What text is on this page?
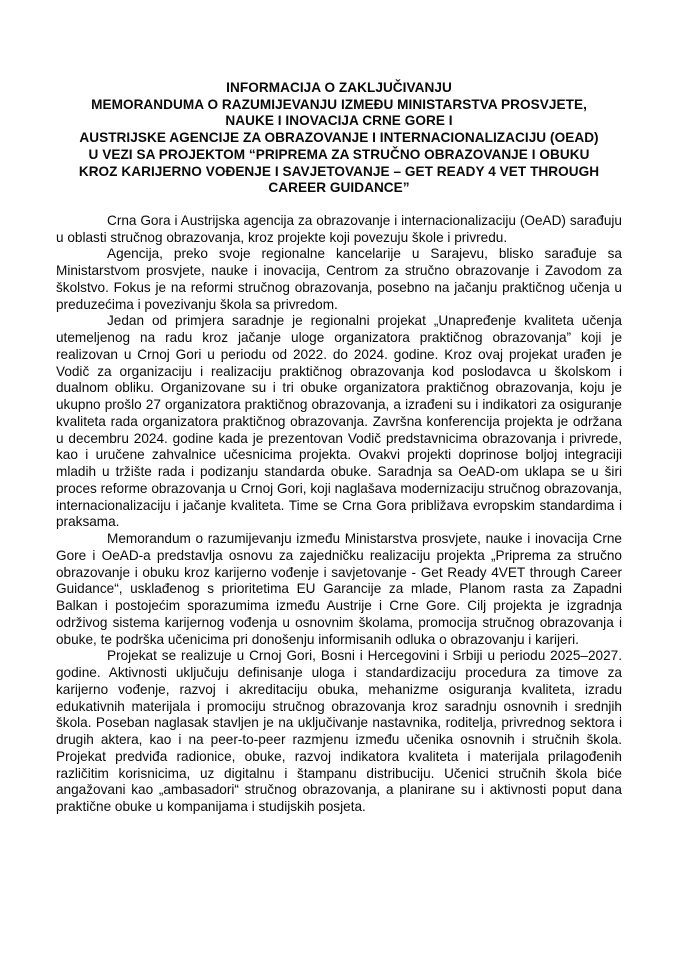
INFORMACIJA O ZAKLJUČIVANJU
MEMORANDUMA O RAZUMIJEVANJU IZMEĐU MINISTARSTVA PROSVJETE,
NAUKE I INOVACIJA CRNE GORE I
AUSTRIJSKE AGENCIJE ZA OBRAZOVANJE I INTERNACIONALIZACIJU (OEAD)
U VEZI SA PROJEKTOM “PRIPREMA ZA STRUČNO OBRAZOVANJE I OBUKU
KROZ KARIJERNO VOĐENJE I SAVJETOVANJE – GET READY 4 VET THROUGH
CAREER GUIDANCE”

Crna Gora i Austrijska agencija za obrazovanje i internacionalizaciju (OeAD) sarađuju u oblasti stručnog obrazovanja, kroz projekte koji povezuju škole i privredu.

Agencija, preko svoje regionalne kancelarije u Sarajevu, blisko sarađuje sa Ministarstvom prosvjete, nauke i inovacija, Centrom za stručno obrazovanje i Zavodom za školstvo. Fokus je na reformi stručnog obrazovanja, posebno na jačanju praktičnog učenja u preduzećima i povezivanju škola sa privredom.

Jedan od primjera saradnje je regionalni projekat „Unapređenje kvaliteta učenja utemeljenog na radu kroz jačanje uloge organizatora praktičnog obrazovanja” koji je realizovan u Crnoj Gori u periodu od 2022. do 2024. godine. Kroz ovaj projekat urađen je Vodič za organizaciju i realizaciju praktičnog obrazovanja kod poslodavca u školskom i dualnom obliku. Organizovane su i tri obuke organizatora praktičnog obrazovanja, koju je ukupno prošlo 27 organizatora praktičnog obrazovanja, a izrađeni su i indikatori za osiguranje kvaliteta rada organizatora praktičnog obrazovanja. Završna konferencija projekta je održana u decembru 2024. godine kada je prezentovan Vodič predstavnicima obrazovanja i privrede, kao i uručene zahvalnice učesnicima projekta. Ovakvi projekti doprinose boljoj integraciji mladih u tržište rada i podizanju standarda obuke. Saradnja sa OeAD-om uklapa se u širi proces reforme obrazovanja u Crnoj Gori, koji naglašava modernizaciju stručnog obrazovanja, internacionalizaciju i jačanje kvaliteta. Time se Crna Gora približava evropskim standardima i praksama.

Memorandum o razumijevanju između Ministarstva prosvjete, nauke i inovacija Crne Gore i OeAD-a predstavlja osnovu za zajedničku realizaciju projekta „Priprema za stručno obrazovanje i obuku kroz karijerno vođenje i savjetovanje - Get Ready 4VET through Career Guidance“, usklađenog s prioritetima EU Garancije za mlade, Planom rasta za Zapadni Balkan i postojećim sporazumima između Austrije i Crne Gore. Cilj projekta je izgradnja održivog sistema karijernog vođenja u osnovnim školama, promocija stručnog obrazovanja i obuke, te podrška učenicima pri donošenju informisanih odluka o obrazovanju i karijeri.

Projekat se realizuje u Crnoj Gori, Bosni i Hercegovini i Srbiji u periodu 2025–2027. godine. Aktivnosti uključuju definisanje uloga i standardizaciju procedura za timove za karijerno vođenje, razvoj i akreditaciju obuka, mehanizme osiguranja kvaliteta, izradu edukativnih materijala i promociju stručnog obrazovanja kroz saradnju osnovnih i srednjih škola. Poseban naglasak stavljen je na uključivanje nastavnika, roditelja, privrednog sektora i drugih aktera, kao i na peer-to-peer razmjenu između učenika osnovnih i stručnih škola. Projekat predviđa radionice, obuke, razvoj indikatora kvaliteta i materijala prilagođenih različitim korisnicima, uz digitalnu i štampanu distribuciju. Učenici stručnih škola biće angažovani kao „ambasadori“ stručnog obrazovanja, a planirane su i aktivnosti poput dana praktične obuke u kompanijama i studijskih posjeta.
